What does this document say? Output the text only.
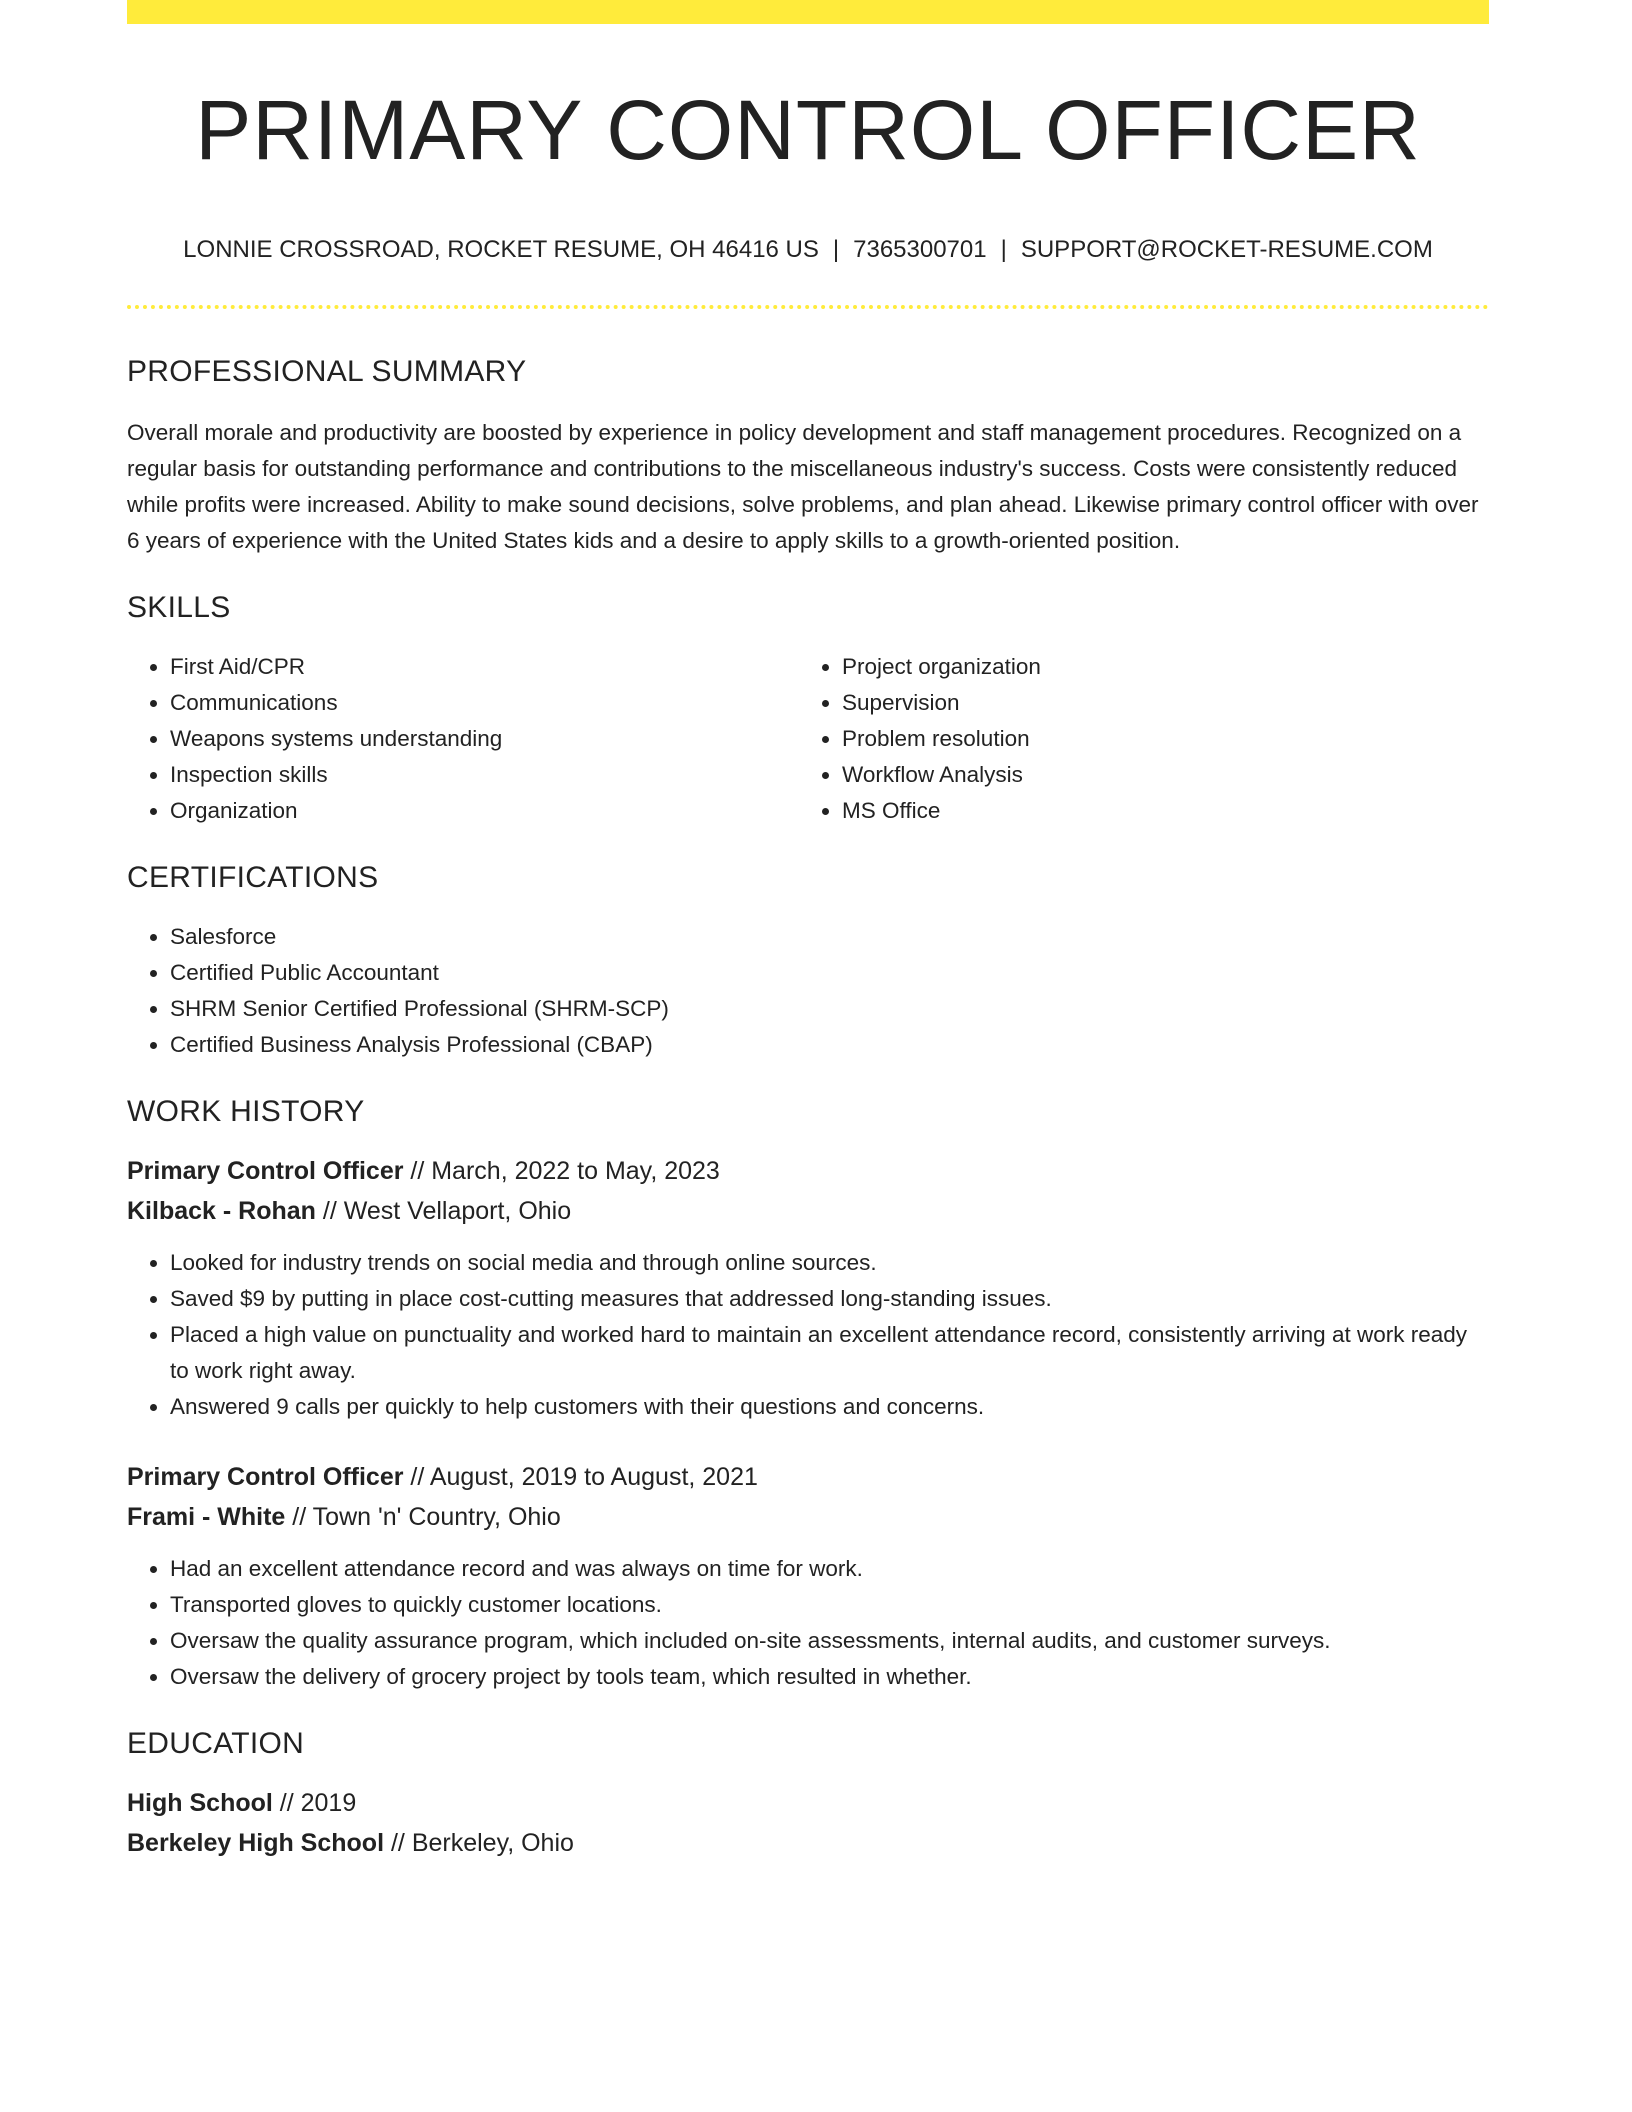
PRIMARY CONTROL OFFICER
LONNIE CROSSROAD, ROCKET RESUME, OH 46416 US | 7365300701 | SUPPORT@ROCKET-RESUME.COM
PROFESSIONAL SUMMARY
Overall morale and productivity are boosted by experience in policy development and staff management procedures. Recognized on a regular basis for outstanding performance and contributions to the miscellaneous industry's success. Costs were consistently reduced while profits were increased. Ability to make sound decisions, solve problems, and plan ahead. Likewise primary control officer with over 6 years of experience with the United States kids and a desire to apply skills to a growth-oriented position.
SKILLS
• First Aid/CPR
• Communications
• Weapons systems understanding
• Inspection skills
• Organization
• Project organization
• Supervision
• Problem resolution
• Workflow Analysis
• MS Office
CERTIFICATIONS
• Salesforce
• Certified Public Accountant
• SHRM Senior Certified Professional (SHRM-SCP)
• Certified Business Analysis Professional (CBAP)
WORK HISTORY
Primary Control Officer // March, 2022 to May, 2023
Kilback - Rohan // West Vellaport, Ohio
• Looked for industry trends on social media and through online sources.
• Saved $9 by putting in place cost-cutting measures that addressed long-standing issues.
• Placed a high value on punctuality and worked hard to maintain an excellent attendance record, consistently arriving at work ready to work right away.
• Answered 9 calls per quickly to help customers with their questions and concerns.
Primary Control Officer // August, 2019 to August, 2021
Frami - White // Town 'n' Country, Ohio
• Had an excellent attendance record and was always on time for work.
• Transported gloves to quickly customer locations.
• Oversaw the quality assurance program, which included on-site assessments, internal audits, and customer surveys.
• Oversaw the delivery of grocery project by tools team, which resulted in whether.
EDUCATION
High School // 2019
Berkeley High School // Berkeley, Ohio
